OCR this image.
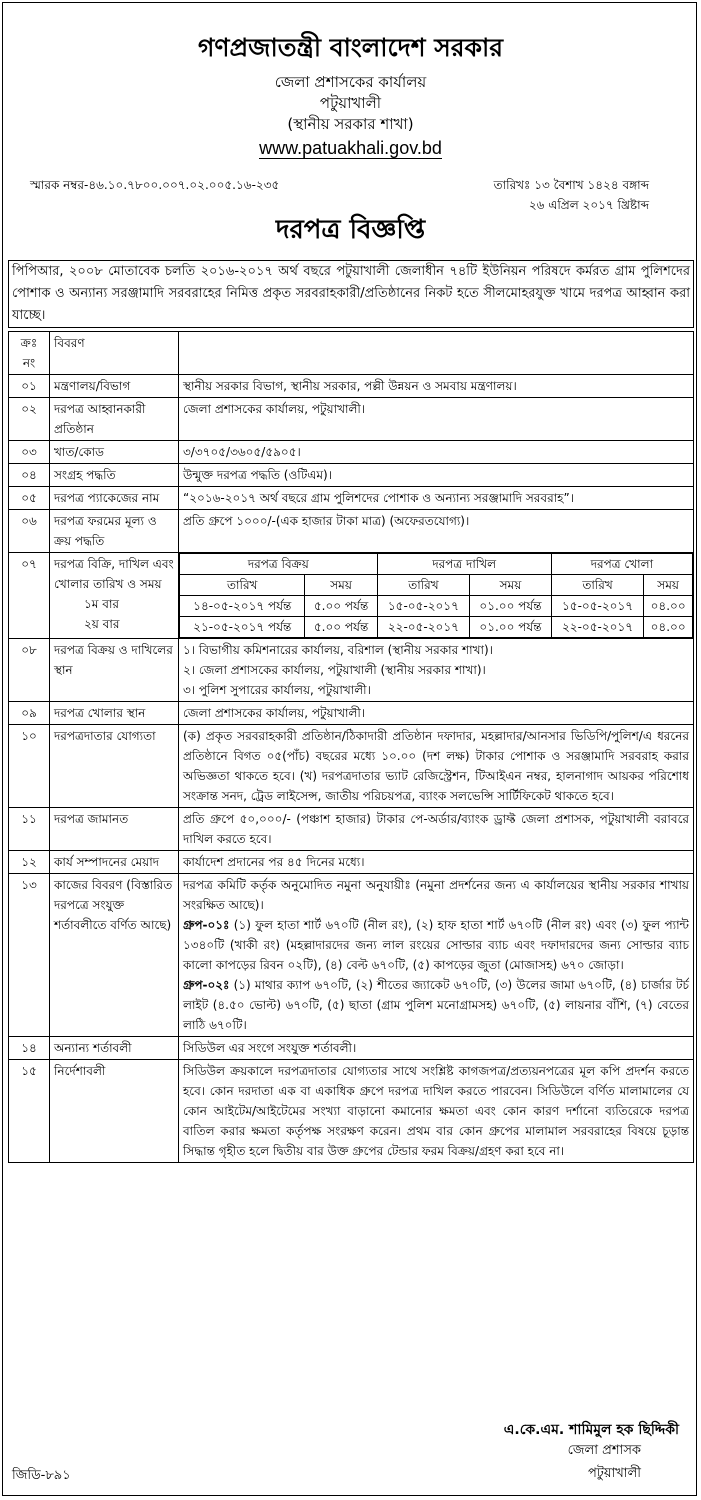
গণপ্রজাতন্ত্রী বাংলাদেশ সরকার
জেলা প্রশাসকের কার্যালয়
পটুয়াখালী
(স্থানীয় সরকার শাখা)
www.patuakhali.gov.bd
স্মারক নম্বর-৪৬.১০.৭৮০০.০০৭.০২.০০৫.১৬-২৩৫	তারিখঃ ১৩ বৈশাখ ১৪২৪ বঙ্গাব্দ
২৬ এপ্রিল ২০১৭ খ্রিষ্টাব্দ
দরপত্র বিজ্ঞপ্তি
পিপিআর, ২০০৮ মোতাবেক চলতি ২০১৬-২০১৭ অর্থ বছরে পটুয়াখালী জেলাধীন ৭৪টি ইউনিয়ন পরিষদে কর্মরত গ্রাম পুলিশদের পোশাক ও অন্যান্য সরঞ্জামাদি সরবরাহের নিমিত্ত প্রকৃত সরবরাহকারী/প্রতিষ্ঠানের নিকট হতে সীলমোহরযুক্ত খামে দরপত্র আহ্বান করা যাচ্ছে।
ক্রঃ নং	বিবরণ	
০১	মন্ত্রণালয়/বিভাগ	স্থানীয় সরকার বিভাগ, স্থানীয় সরকার, পল্লী উন্নয়ন ও সমবায় মন্ত্রণালয়।
০২	দরপত্র আহ্বানকারী প্রতিষ্ঠান	জেলা প্রশাসকের কার্যালয়, পটুয়াখালী।
০৩	খাত/কোড	৩/৩৭০৫/৩৬০৫/৫৯০৫।
০৪	সংগ্রহ পদ্ধতি	উন্মুক্ত দরপত্র পদ্ধতি (ওটিএম)।
০৫	দরপত্র প্যাকেজের নাম	“২০১৬-২০১৭ অর্থ বছরে গ্রাম পুলিশদের পোশাক ও অন্যান্য সরঞ্জামাদি সরবরাহ”।
০৬	দরপত্র ফরমের মূল্য ও ক্রয় পদ্ধতি	প্রতি গ্রুপে ১০০০/-(এক হাজার টাকা মাত্র) (অফেরতযোগ্য)।
০৭	দরপত্র বিক্রি, দাখিল এবং খোলার তারিখ ও সময়
১ম বার
২য় বার

দরপত্র বিক্রয়	দরপত্র দাখিল	দরপত্র খোলা
তারিখ	সময়	তারিখ	সময়	তারিখ	সময়
১৪-০৫-২০১৭ পর্যন্ত	৫.০০ পর্যন্ত	১৫-০৫-২০১৭	০১.০০ পর্যন্ত	১৫-০৫-২০১৭	০৪.০০
২১-০৫-২০১৭ পর্যন্ত	৫.০০ পর্যন্ত	২২-০৫-২০১৭	০১.০০ পর্যন্ত	২২-০৫-২০১৭	০৪.০০

০৮	দরপত্র বিক্রয় ও দাখিলের স্থান	
১। বিভাগীয় কমিশনারের কার্যালয়, বরিশাল (স্থানীয় সরকার শাখা)।
২। জেলা প্রশাসকের কার্যালয়, পটুয়াখালী (স্থানীয় সরকার শাখা)।
৩। পুলিশ সুপারের কার্যালয়, পটুয়াখালী।

০৯	দরপত্র খোলার স্থান	জেলা প্রশাসকের কার্যালয়, পটুয়াখালী।
১০	দরপত্রদাতার যোগ্যতা	(ক) প্রকৃত সরবরাহকারী প্রতিষ্ঠান/ঠিকাদারী প্রতিষ্ঠান দফাদার, মহল্লাদার/আনসার ভিডিপি/পুলিশ/এ ধরনের প্রতিষ্ঠানে বিগত ০৫(পাঁচ) বছরের মধ্যে ১০.০০ (দশ লক্ষ) টাকার পোশাক ও সরঞ্জামাদি সরবরাহ করার অভিজ্ঞতা থাকতে হবে। (খ) দরপত্রদাতার ভ্যাট রেজিস্ট্রেশন, টিআইএন নম্বর, হালনাগাদ আয়কর পরিশোধ সংক্রান্ত সনদ, ট্রেড লাইসেন্স, জাতীয় পরিচয়পত্র, ব্যাংক সলভেন্সি সার্টিফিকেট থাকতে হবে।
১১	দরপত্র জামানত	প্রতি গ্রুপে ৫০,০০০/- (পঞ্চাশ হাজার) টাকার পে-অর্ডার/ব্যাংক ড্রাফ্ট জেলা প্রশাসক, পটুয়াখালী বরাবরে দাখিল করতে হবে।
১২	কার্য সম্পাদনের মেয়াদ	কার্যাদেশ প্রদানের পর ৪৫ দিনের মধ্যে।
১৩	কাজের বিবরণ (বিস্তারিত দরপত্রে সংযুক্ত শর্তাবলীতে বর্ণিত আছে)	
দরপত্র কমিটি কর্তৃক অনুমোদিত নমুনা অনুযায়ীঃ (নমুনা প্রদর্শনের জন্য এ কার্যালয়ের স্থানীয় সরকার শাখায় সংরক্ষিত আছে)।
গ্রুপ-০১ঃ (১) ফুল হাতা শার্ট ৬৭০টি (নীল রং), (২) হাফ হাতা শার্ট ৬৭০টি (নীল রং) এবং (৩) ফুল প্যান্ট ১৩৪০টি (খাকী রং) (মহল্লাদারদের জন্য লাল রংয়ের সোল্ডার ব্যাচ এবং দফাদারদের জন্য সোল্ডার ব্যাচ কালো কাপড়ের রিবন ০২টি), (৪) বেল্ট ৬৭০টি, (৫) কাপড়ের জুতা (মোজাসহ) ৬৭০ জোড়া।
গ্রুপ-০২ঃ (১) মাথার ক্যাপ ৬৭০টি, (২) শীতের জ্যাকেট ৬৭০টি, (৩) উলের জামা ৬৭০টি, (৪) চার্জার টর্চ লাইট (৪.৫০ ভোল্ট) ৬৭০টি, (৫) ছাতা (গ্রাম পুলিশ মনোগ্রামসহ) ৬৭০টি, (৫) লায়নার বাঁশি, (৭) বেতের লাঠি ৬৭০টি।

১৪	অন্যান্য শর্তাবলী	সিডিউল এর সংগে সংযুক্ত শর্তাবলী।
১৫	নির্দেশাবলী	সিডিউল ক্রয়কালে দরপত্রদাতার যোগ্যতার সাথে সংশ্লিষ্ট কাগজপত্র/প্রত্যয়নপত্রের মূল কপি প্রদর্শন করতে হবে। কোন দরদাতা এক বা একাধিক গ্রুপে দরপত্র দাখিল করতে পারবেন। সিডিউলে বর্ণিত মালামালের যে কোন আইটেম/আইটেমের সংখ্যা বাড়ানো কমানোর ক্ষমতা এবং কোন কারণ দর্শানো ব্যতিরেকে দরপত্র বাতিল করার ক্ষমতা কর্তৃপক্ষ সংরক্ষণ করেন। প্রথম বার কোন গ্রুপের মালামাল সরবরাহের বিষয়ে চূড়ান্ত সিদ্ধান্ত গৃহীত হলে দ্বিতীয় বার উক্ত গ্রুপের টেন্ডার ফরম বিক্রয়/গ্রহণ করা হবে না।
এ.কে.এম. শামিমুল হক ছিদ্দিকী
জেলা প্রশাসক
পটুয়াখালী
জিডি-৮৯১
